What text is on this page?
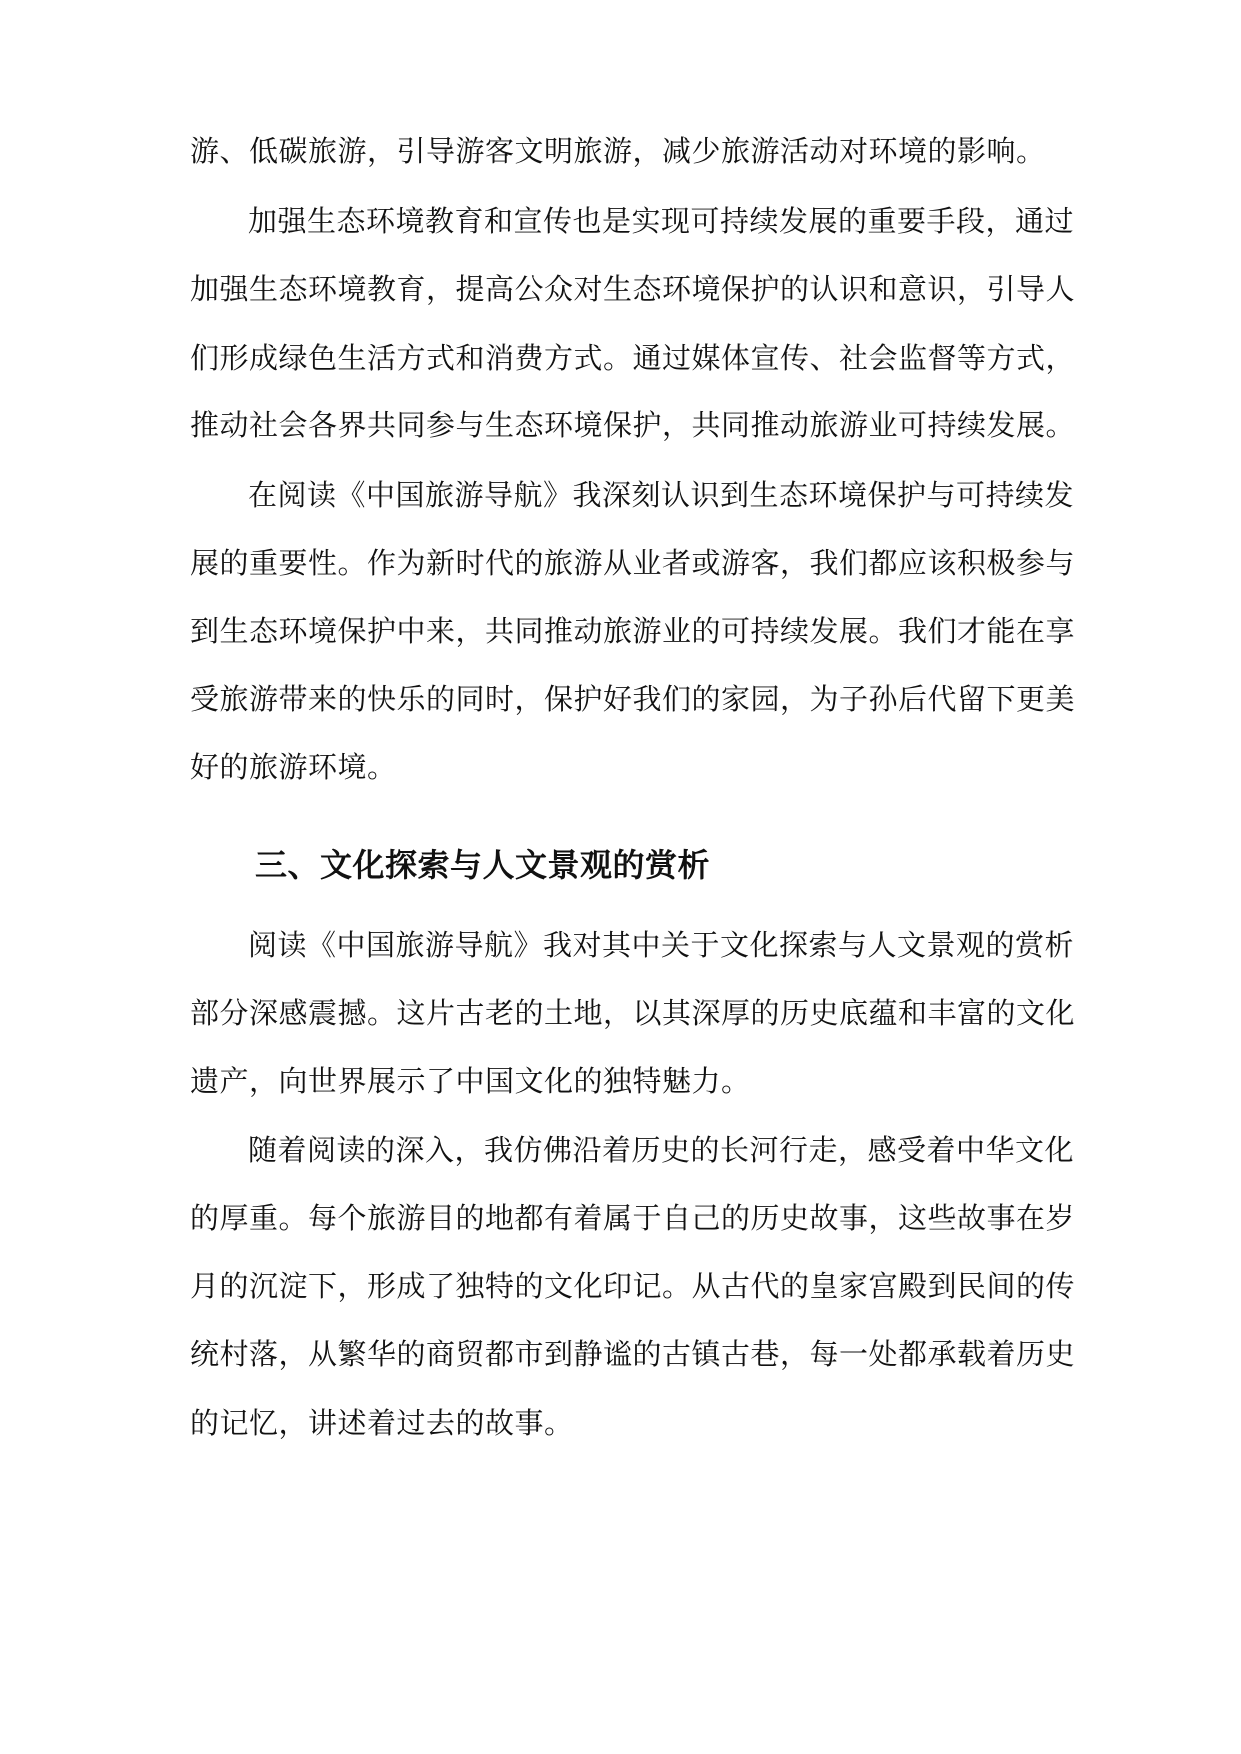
游、低碳旅游，引导游客文明旅游，减少旅游活动对环境的影响。
加强生态环境教育和宣传也是实现可持续发展的重要手段，通过
加强生态环境教育，提高公众对生态环境保护的认识和意识，引导人
们形成绿色生活方式和消费方式。通过媒体宣传、社会监督等方式，
推动社会各界共同参与生态环境保护，共同推动旅游业可持续发展。
在阅读《中国旅游导航》我深刻认识到生态环境保护与可持续发
展的重要性。作为新时代的旅游从业者或游客，我们都应该积极参与
到生态环境保护中来，共同推动旅游业的可持续发展。我们才能在享
受旅游带来的快乐的同时，保护好我们的家园，为子孙后代留下更美
好的旅游环境。
三、文化探索与人文景观的赏析
阅读《中国旅游导航》我对其中关于文化探索与人文景观的赏析
部分深感震撼。这片古老的土地，以其深厚的历史底蕴和丰富的文化
遗产，向世界展示了中国文化的独特魅力。
随着阅读的深入，我仿佛沿着历史的长河行走，感受着中华文化
的厚重。每个旅游目的地都有着属于自己的历史故事，这些故事在岁
月的沉淀下，形成了独特的文化印记。从古代的皇家宫殿到民间的传
统村落，从繁华的商贸都市到静谧的古镇古巷，每一处都承载着历史
的记忆，讲述着过去的故事。
